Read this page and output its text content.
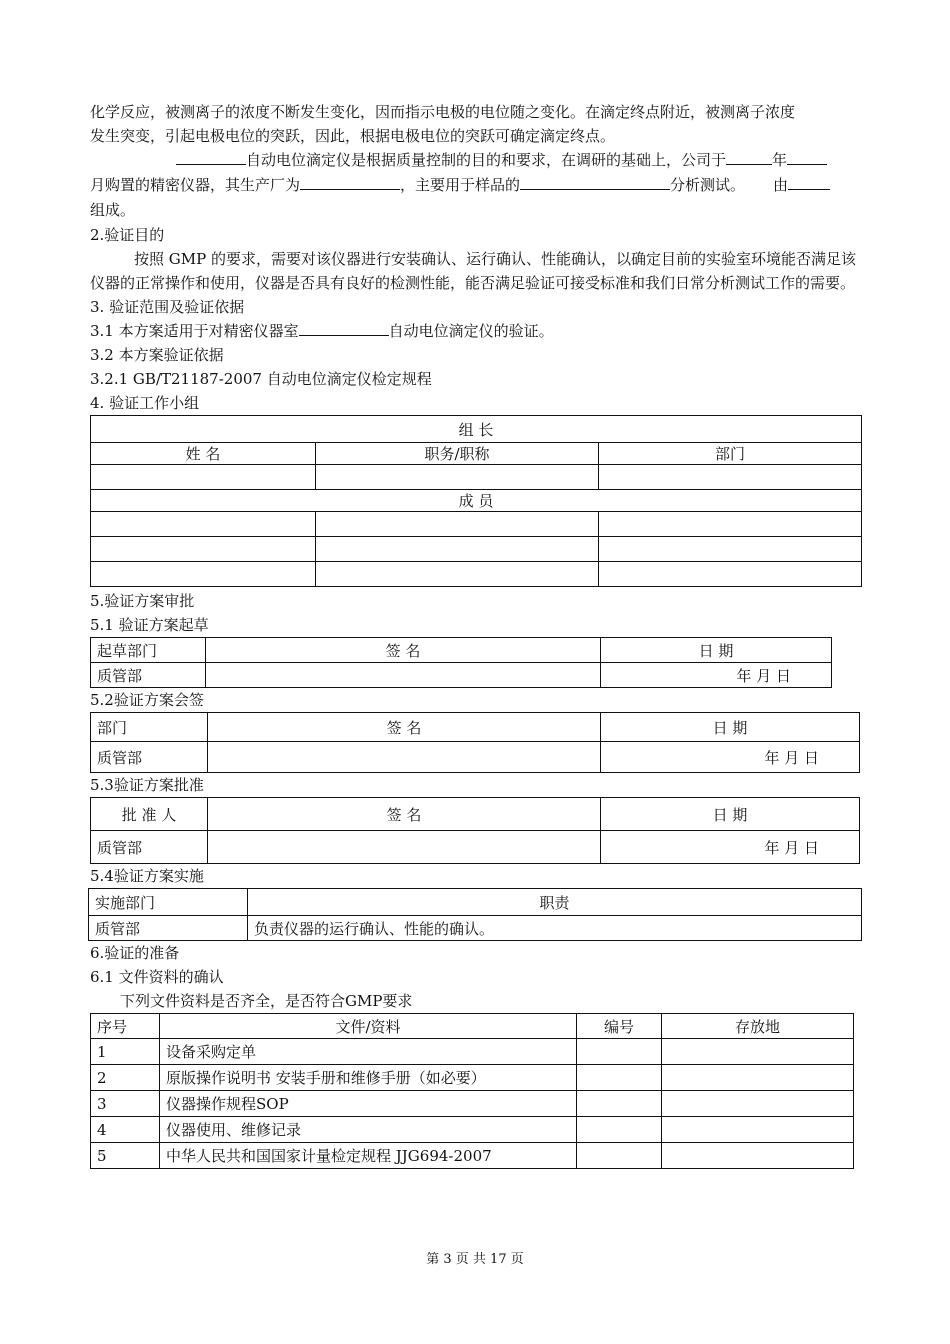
化学反应，被测离子的浓度不断发生变化，因而指示电极的电位随之变化。在滴定终点附近，被测离子浓度

发生突变，引起电极电位的突跃，因此，根据电极电位的突跃可确定滴定终点。

自动电位滴定仪是根据质量控制的目的和要求，在调研的基础上，公司于	年
月购置的精密仪器，其生产厂为	，主要用于样品的	分析测试。 由
组成。

2.验证目的

按照 GMP 的要求，需要对该仪器进行安装确认、运行确认、性能确认，以确定目前的实验室环境能否满足该仪器的正常操作和使用，仪器是否具有良好的检测性能，能否满足验证可接受标准和我们日常分析测试工作的需要。

3. 验证范围及验证依据

3.1 本方案适用于对精密仪器室	自动电位滴定仪的验证。

3.2 本方案验证依据

3.2.1 GB/T21187-2007 自动电位滴定仪检定规程

4. 验证工作小组

组 长		
姓 名	职务/职称	部门

成 员		

5.验证方案审批

5.1 验证方案起草

起草部门	签 名	日 期
质管部		年 月 日

5.2验证方案会签

部门	签 名	日 期
质管部		年 月 日

5.3验证方案批准

批 准 人	签 名	日 期
质管部		年 月 日

5.4验证方案实施

实施部门	职责
质管部	负责仪器的运行确认、性能的确认。

6.验证的准备

6.1 文件资料的确认

下列文件资料是否齐全，是否符合GMP要求

序号	文件/资料	编号	存放地
1	设备采购定单		
2	原版操作说明书 安装手册和维修手册（如必要）		
3	仪器操作规程SOP		
4	仪器使用、维修记录		
5	中华人民共和国国家计量检定规程 JJG694-2007		
第 3 页 共 17 页
